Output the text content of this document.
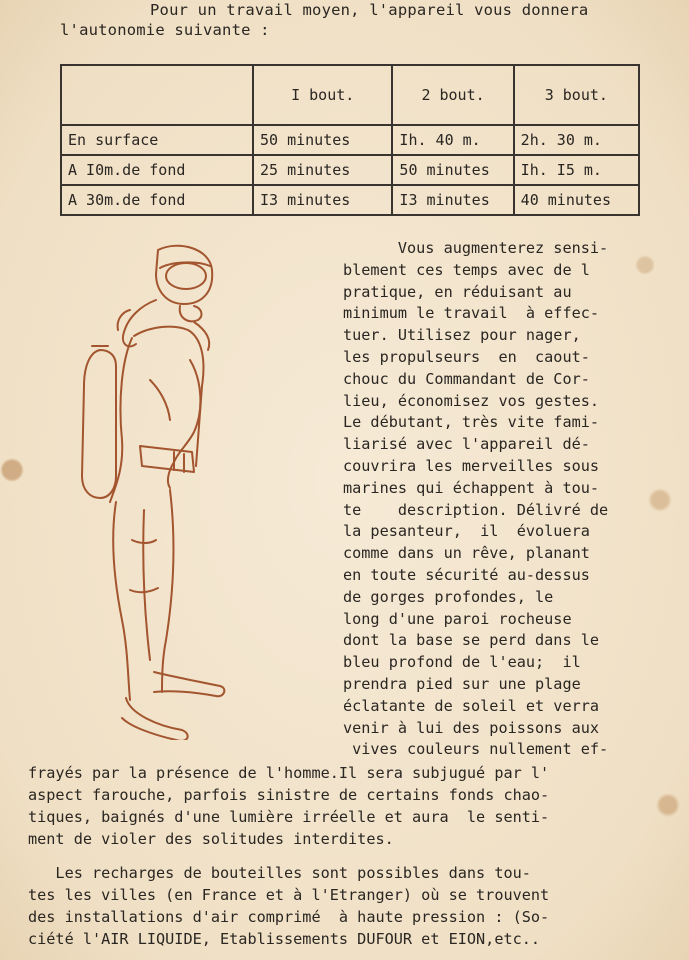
Pour un travail moyen, l'appareil vous donnera
l'autonomie suivante :
	I bout.	2 bout.	3 bout.
En surface	50 minutes	Ih. 40 m.	2h. 30 m.
A I0m.de fond	25 minutes	50 minutes	Ih. I5 m.
A 30m.de fond	I3 minutes	I3 minutes	40 minutes
Vous augmenterez sensi-
blement ces temps avec de l
pratique, en réduisant au
minimum le travail  à effec-
tuer. Utilisez pour nager,
les propulseurs  en  caout-
chouc du Commandant de Cor-
lieu, économisez vos gestes.
Le débutant, très vite fami-
liarisé avec l'appareil dé-
couvrira les merveilles sous
marines qui échappent à tou-
te    description. Délivré de
la pesanteur,  il  évoluera
comme dans un rêve, planant
en toute sécurité au-dessus
de gorges profondes, le
long d'une paroi rocheuse
dont la base se perd dans le
bleu profond de l'eau;  il
prendra pied sur une plage
éclatante de soleil et verra
venir à lui des poissons aux
vives couleurs nullement ef-
frayés par la présence de l'homme.Il sera subjugué par l'
aspect farouche, parfois sinistre de certains fonds chao-
tiques, baignés d'une lumière irréelle et aura  le senti-
ment de violer des solitudes interdites.
Les recharges de bouteilles sont possibles dans tou-
tes les villes (en France et à l'Etranger) où se trouvent
des installations d'air comprimé  à haute pression : (So-
ciété l'AIR LIQUIDE, Etablissements DUFOUR et EION,etc..
